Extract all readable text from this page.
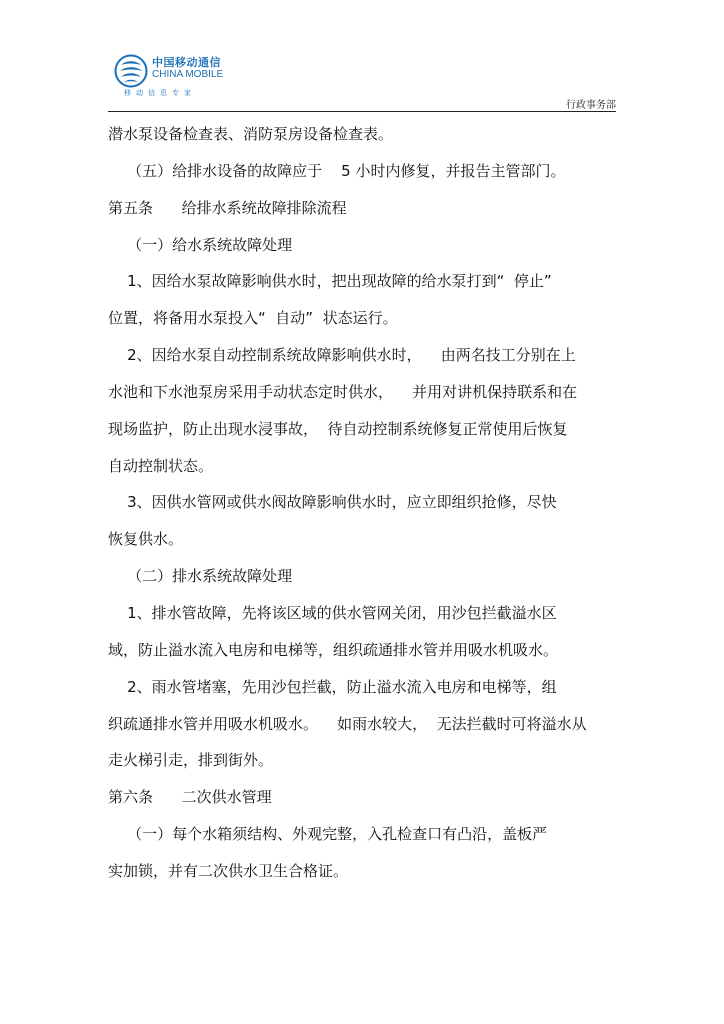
中国移动通信
CHINA MOBILE
移动信息专家
行政事务部
潜水泵设备检查表、消防泵房设备检查表。
（五）给排水设备的故障应于    5 小时内修复，并报告主管部门。
第五条      给排水系统故障排除流程
（一）给水系统故障处理
1、因给水泵故障影响供水时，把出现故障的给水泵打到“  停止”
位置，将备用水泵投入“  自动”  状态运行。
2、因给水泵自动控制系统故障影响供水时，    由两名技工分别在上
水池和下水池泵房采用手动状态定时供水，    并用对讲机保持联系和在
现场监护，防止出现水浸事故，  待自动控制系统修复正常使用后恢复
自动控制状态。
3、因供水管网或供水阀故障影响供水时，应立即组织抢修，尽快
恢复供水。
（二）排水系统故障处理
1、排水管故障，先将该区域的供水管网关闭，用沙包拦截溢水区
域，防止溢水流入电房和电梯等，组织疏通排水管并用吸水机吸水。
2、雨水管堵塞，先用沙包拦截，防止溢水流入电房和电梯等，组
织疏通排水管并用吸水机吸水。    如雨水较大，  无法拦截时可将溢水从
走火梯引走，排到街外。
第六条      二次供水管理
（一）每个水箱须结构、外观完整，入孔检查口有凸沿，盖板严
实加锁，并有二次供水卫生合格证。
